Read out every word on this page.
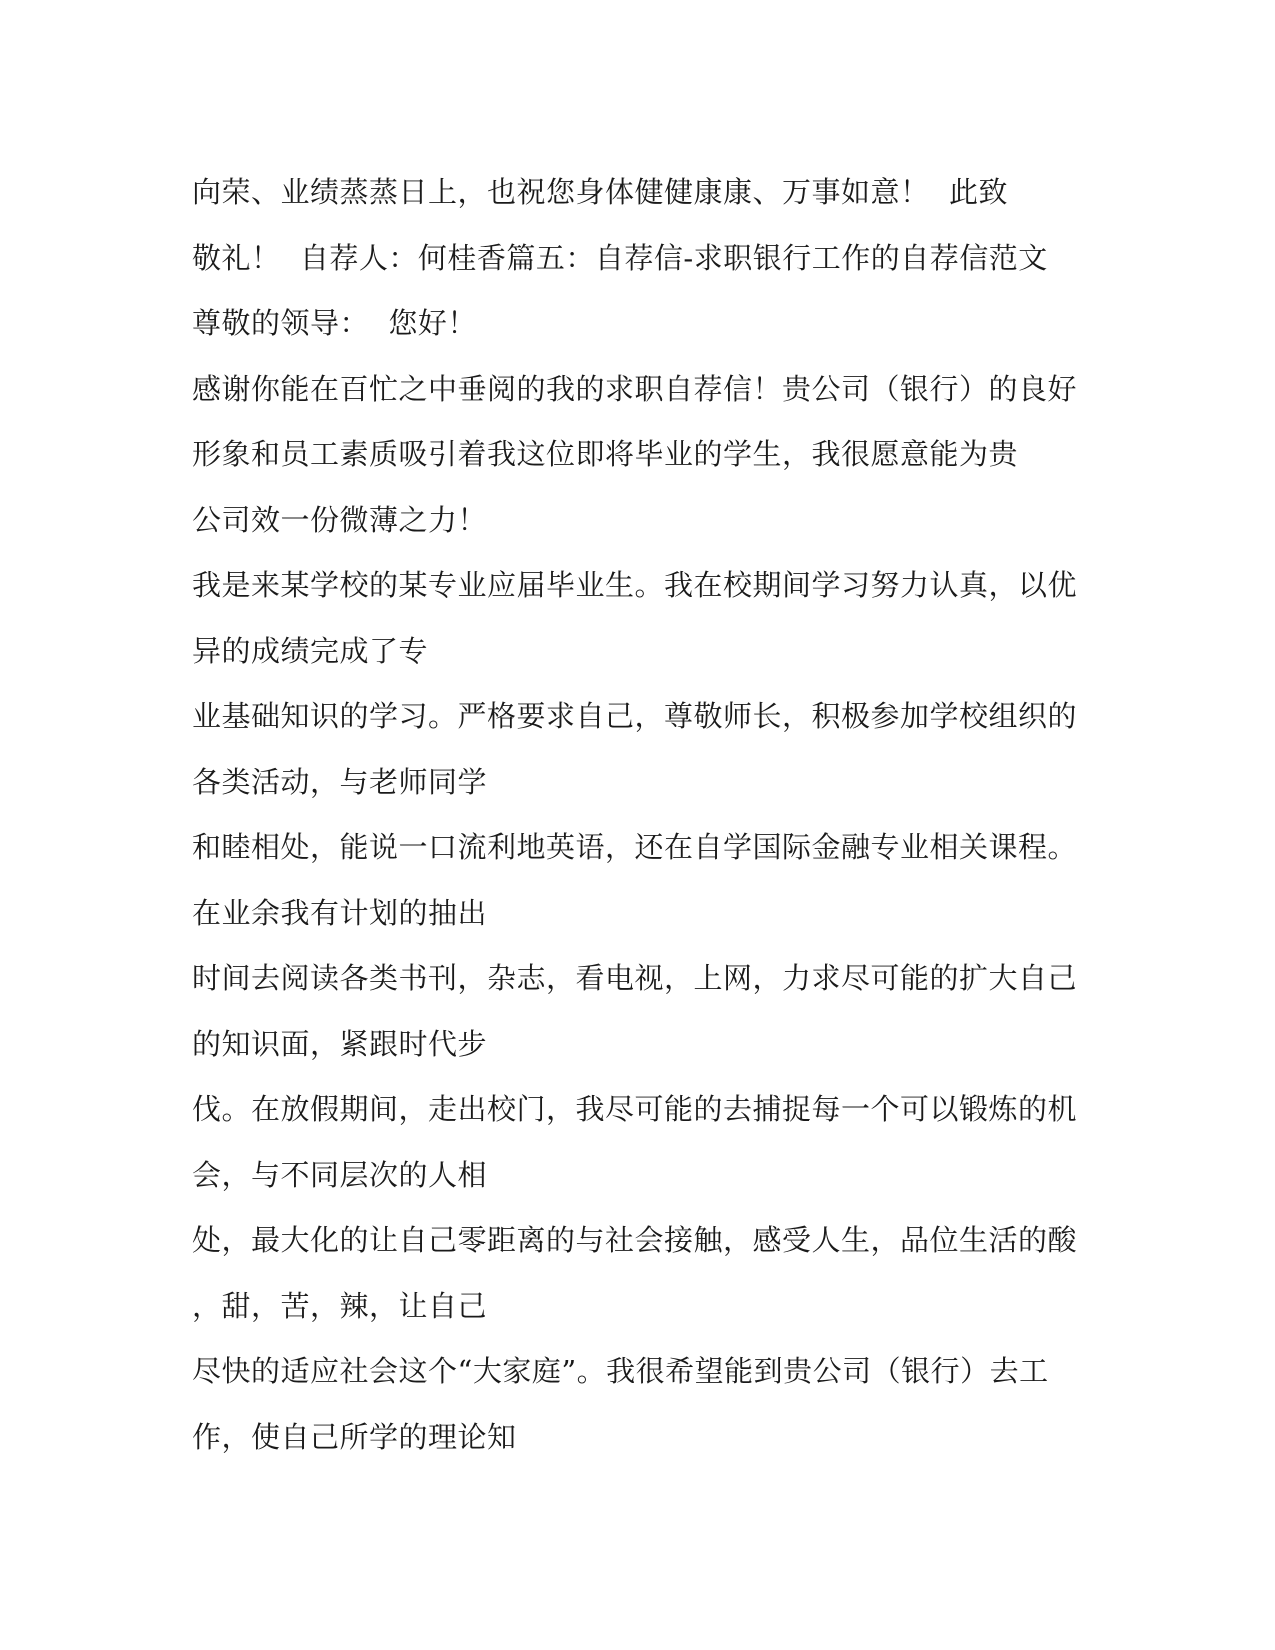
向荣、业绩蒸蒸日上，也祝您身体健健康康、万事如意！  此致
敬礼！  自荐人：何桂香篇五：自荐信-求职银行工作的自荐信范文
尊敬的领导：  您好！
感谢你能在百忙之中垂阅的我的求职自荐信！贵公司（银行）的良好
形象和员工素质吸引着我这位即将毕业的学生，我很愿意能为贵
公司效一份微薄之力！
我是来某学校的某专业应届毕业生。我在校期间学习努力认真，以优
异的成绩完成了专
业基础知识的学习。严格要求自己，尊敬师长，积极参加学校组织的
各类活动，与老师同学
和睦相处，能说一口流利地英语，还在自学国际金融专业相关课程。
在业余我有计划的抽出
时间去阅读各类书刊，杂志，看电视，上网，力求尽可能的扩大自己
的知识面，紧跟时代步
伐。在放假期间，走出校门，我尽可能的去捕捉每一个可以锻炼的机
会，与不同层次的人相
处，最大化的让自己零距离的与社会接触，感受人生，品位生活的酸
，甜，苦，辣，让自己
尽快的适应社会这个“大家庭”。我很希望能到贵公司（银行）去工
作，使自己所学的理论知
